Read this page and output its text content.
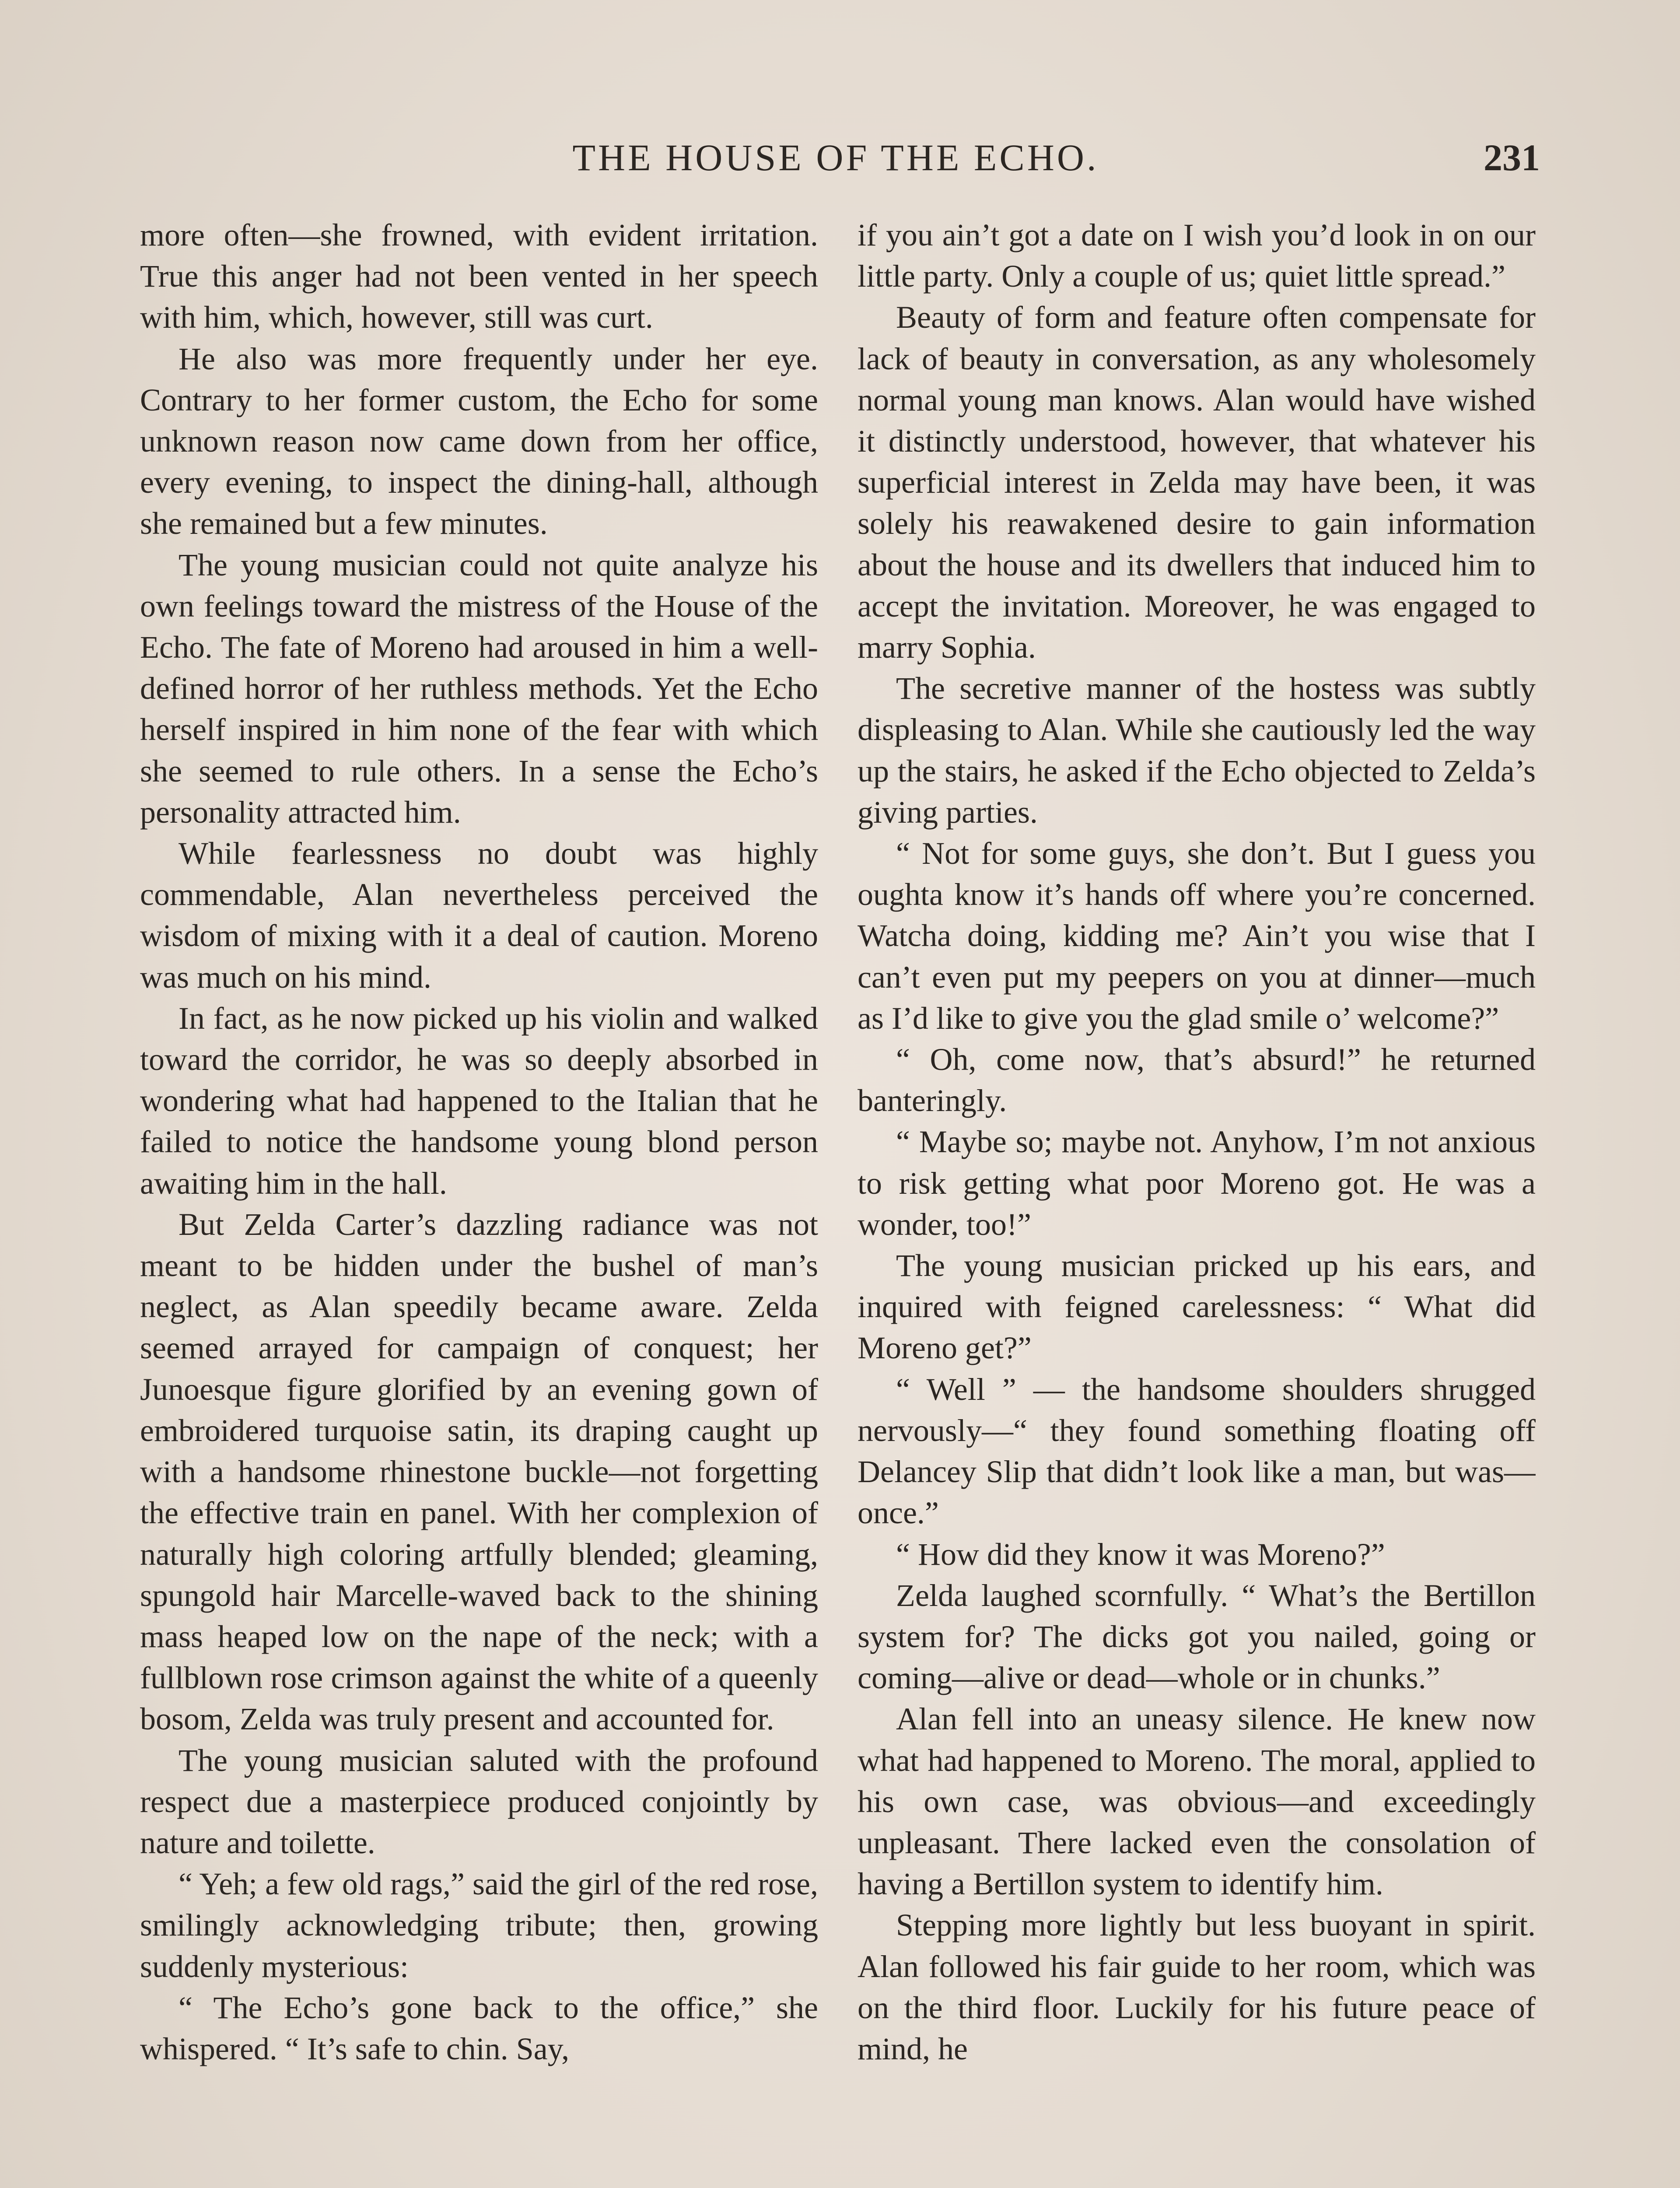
THE HOUSE OF THE ECHO.	231

more often—she frowned, with evident irritation. True this anger had not been vented in her speech with him, which, however, still was curt.

He also was more frequently under her eye. Contrary to her former custom, the Echo for some unknown reason now came down from her office, every evening, to inspect the dining-hall, although she remained but a few minutes.

The young musician could not quite analyze his own feelings toward the mistress of the House of the Echo. The fate of Moreno had aroused in him a well-defined horror of her ruthless methods. Yet the Echo herself inspired in him none of the fear with which she seemed to rule others. In a sense the Echo’s personality attracted him.

While fearlessness no doubt was highly commendable, Alan nevertheless perceived the wisdom of mixing with it a deal of caution. Moreno was much on his mind.

In fact, as he now picked up his violin and walked toward the corridor, he was so deeply absorbed in wondering what had happened to the Italian that he failed to notice the handsome young blond person awaiting him in the hall.

But Zelda Carter’s dazzling radiance was not meant to be hidden under the bushel of man’s neglect, as Alan speedily became aware. Zelda seemed arrayed for campaign of conquest; her Junoesque figure glorified by an evening gown of embroidered turquoise satin, its draping caught up with a handsome rhinestone buckle—not forgetting the effective train en panel. With her complexion of naturally high coloring artfully blended; gleaming, spungold hair Marcelle-waved back to the shining mass heaped low on the nape of the neck; with a fullblown rose crimson against the white of a queenly bosom, Zelda was truly present and accounted for.

The young musician saluted with the profound respect due a masterpiece produced conjointly by nature and toilette.

“ Yeh; a few old rags,” said the girl of the red rose, smilingly acknowledging tribute; then, growing suddenly mysterious:

“ The Echo’s gone back to the office,” she whispered. “ It’s safe to chin. Say,

if you ain’t got a date on I wish you’d look in on our little party. Only a couple of us; quiet little spread.”

Beauty of form and feature often compensate for lack of beauty in conversation, as any wholesomely normal young man knows. Alan would have wished it distinctly understood, however, that whatever his superficial interest in Zelda may have been, it was solely his reawakened desire to gain information about the house and its dwellers that induced him to accept the invitation. Moreover, he was engaged to marry Sophia.

The secretive manner of the hostess was subtly displeasing to Alan. While she cautiously led the way up the stairs, he asked if the Echo objected to Zelda’s giving parties.

“ Not for some guys, she don’t. But I guess you oughta know it’s hands off where you’re concerned. Watcha doing, kidding me? Ain’t you wise that I can’t even put my peepers on you at dinner—much as I’d like to give you the glad smile o’ welcome?”

“ Oh, come now, that’s absurd!” he returned banteringly.

“ Maybe so; maybe not. Anyhow, I’m not anxious to risk getting what poor Moreno got. He was a wonder, too!”

The young musician pricked up his ears, and inquired with feigned carelessness: “ What did Moreno get?”

“ Well ” — the handsome shoulders shrugged nervously—“ they found something floating off Delancey Slip that didn’t look like a man, but was—once.”

“ How did they know it was Moreno?”

Zelda laughed scornfully. “ What’s the Bertillon system for? The dicks got you nailed, going or coming—alive or dead—whole or in chunks.”

Alan fell into an uneasy silence. He knew now what had happened to Moreno. The moral, applied to his own case, was obvious—and exceedingly unpleasant. There lacked even the consolation of having a Bertillon system to identify him.

Stepping more lightly but less buoyant in spirit. Alan followed his fair guide to her room, which was on the third floor. Luckily for his future peace of mind, he
